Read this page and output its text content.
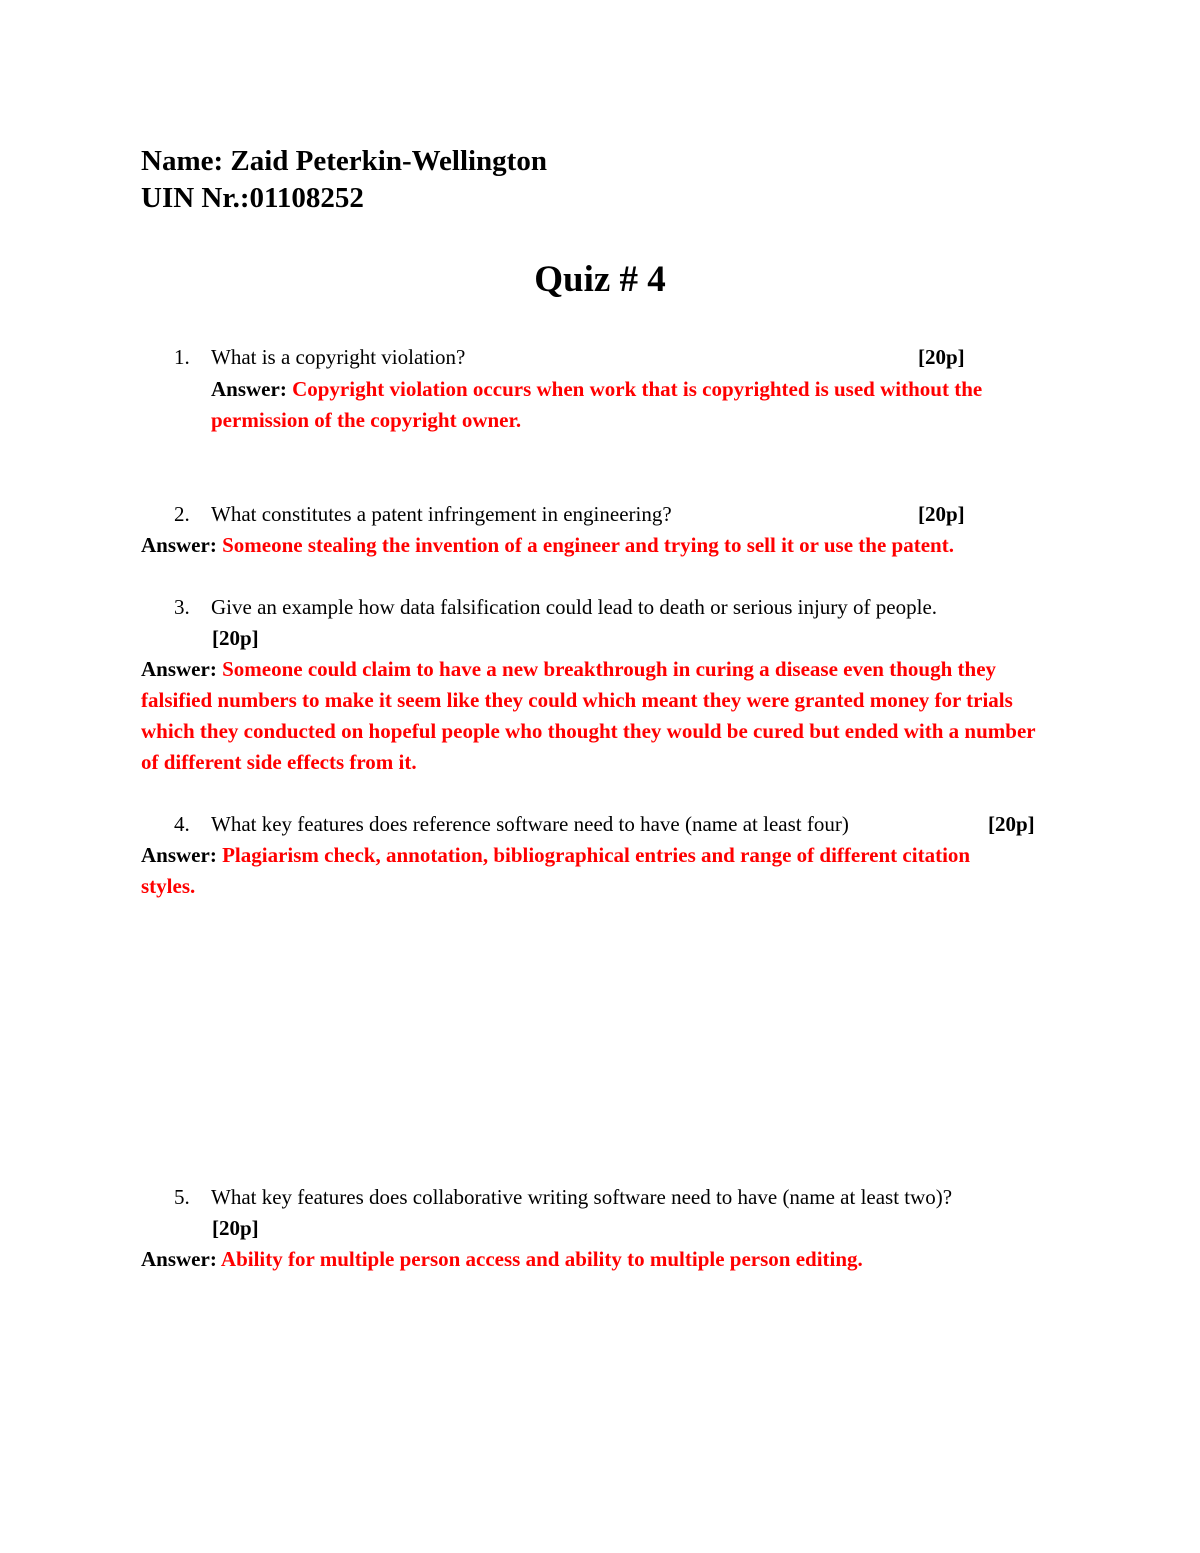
Name: Zaid Peterkin-Wellington
UIN Nr.:01108252
Quiz # 4
1. What is a copyright violation?	[20p]
Answer: Copyright violation occurs when work that is copyrighted is used without the permission of the copyright owner.
2. What constitutes a patent infringement in engineering?	[20p]
Answer: Someone stealing the invention of a engineer and trying to sell it or use the patent.
3. Give an example how data falsification could lead to death or serious injury of people.
[20p]
Answer: Someone could claim to have a new breakthrough in curing a disease even though they falsified numbers to make it seem like they could which meant they were granted money for trials which they conducted on hopeful people who thought they would be cured but ended with a number of different side effects from it.
4. What key features does reference software need to have (name at least four)	[20p]
Answer: Plagiarism check, annotation, bibliographical entries and range of different citation styles.
5. What key features does collaborative writing software need to have (name at least two)?
[20p]
Answer: Ability for multiple person access and ability to multiple person editing.
